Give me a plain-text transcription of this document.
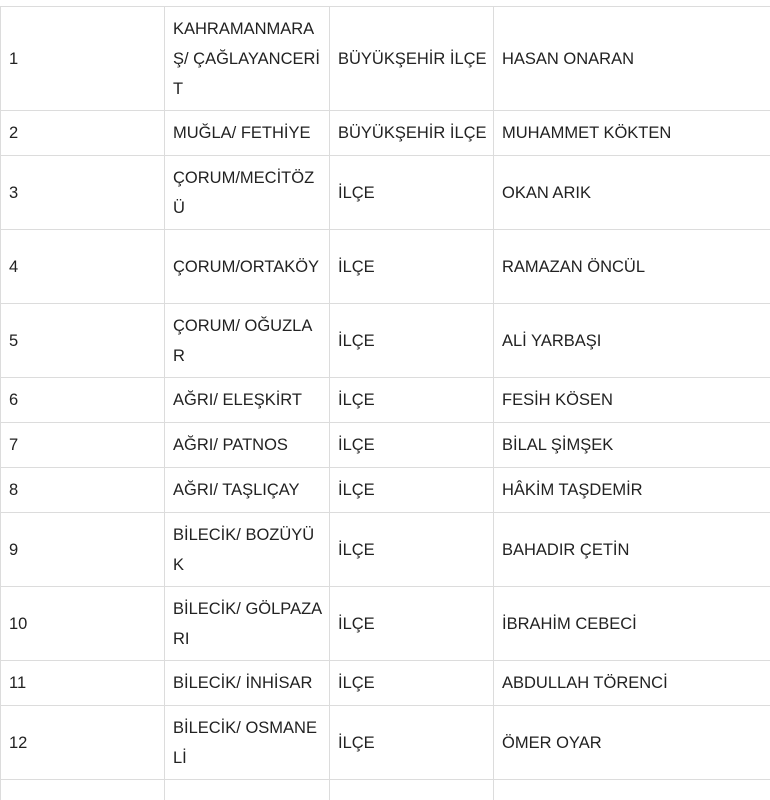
1	KAHRAMANMARAŞ/ ÇAĞLAYANCERİT	BÜYÜKŞEHİR İLÇE	HASAN ONARAN
2	MUĞLA/ FETHİYE	BÜYÜKŞEHİR İLÇE	MUHAMMET KÖKTEN
3	ÇORUM/MECİTÖZÜ	İLÇE	OKAN ARIK
4	ÇORUM/ORTAKÖY	İLÇE	RAMAZAN ÖNCÜL
5	ÇORUM/ OĞUZLAR	İLÇE	ALİ YARBAŞI
6	AĞRI/ ELEŞKİRT	İLÇE	FESİH KÖSEN
7	AĞRI/ PATNOS	İLÇE	BİLAL ŞİMŞEK
8	AĞRI/ TAŞLIÇAY	İLÇE	HÂKİM TAŞDEMİR
9	BİLECİK/ BOZÜYÜK	İLÇE	BAHADIR ÇETİN
10	BİLECİK/ GÖLPAZARI	İLÇE	İBRAHİM CEBECİ
11	BİLECİK/ İNHİSAR	İLÇE	ABDULLAH TÖRENCİ
12	BİLECİK/ OSMANELİ	İLÇE	ÖMER OYAR
